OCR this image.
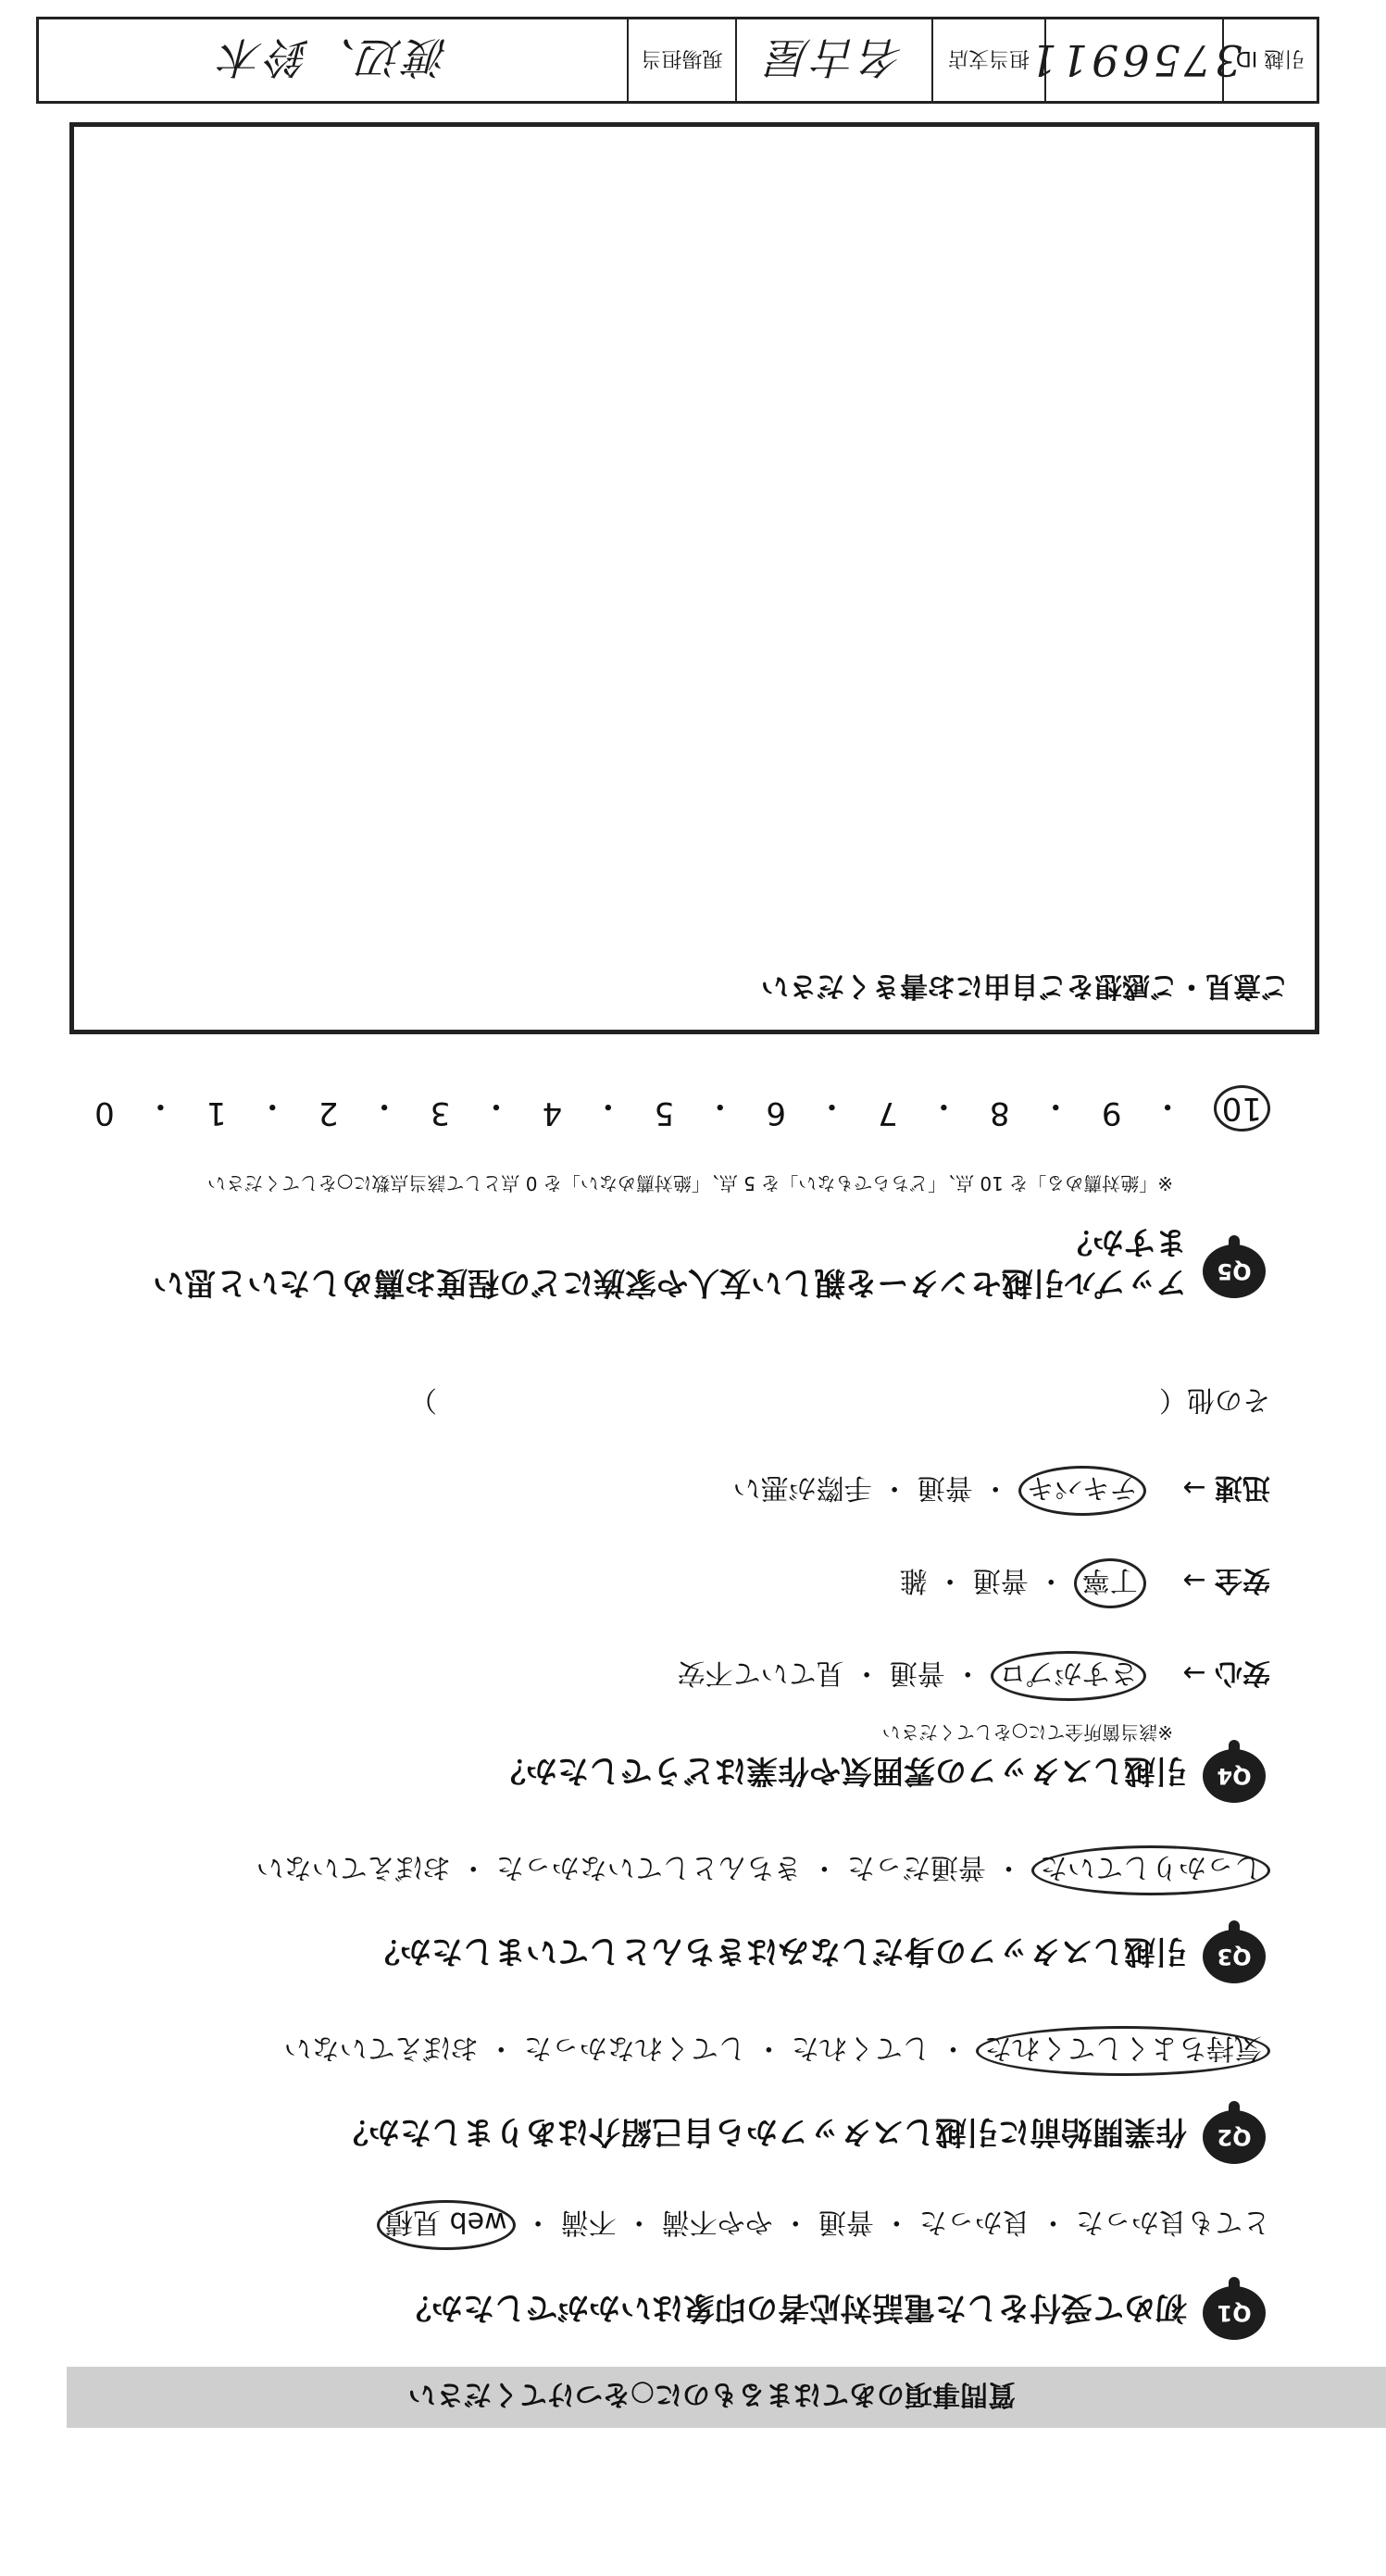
質問事項のあてはまるものに○をつけてください
Q1
初めて受付をした電話対応者の印象はいかがでしたか？
とても良かった ・ 良かった ・ 普通 ・ やや不満 ・ 不満 ・ web 見積
Q2
作業開始前に引越しスタッフから自己紹介はありましたか？
気持ちよくしてくれた ・ してくれた ・ してくれなかった ・ おぼえていない
Q3
引越しスタッフの身だしなみはきちんとしていましたか？
しっかりしていた ・ 普通だった ・ きちんとしていなかった ・ おぼえていない
Q4
引越しスタッフの雰囲気や作業はどうでしたか？
※該当箇所全てに○をしてください
安心 →　 さすがプロ ・ 普通 ・ 見ていて不安
安全 →　 丁寧 ・ 普通 ・ 雑
迅速 →　 テキパキ ・ 普通 ・ 手際が悪い
その他（　　　　　　　　　　　　　　　　　　　　　　　　　　）
Q5
アップル引越センターを親しい友人や家族にどの程度お薦めしたいと思いますか？
※「絶対薦める」を 10 点、「どちらでもない」を 5 点、「絶対薦めない」を 0 点として該当点数に○をしてください
10
・
9
・
8
・
7
・
6
・
5
・
4
・
3
・
2
・
1
・
0
ご意見・ご感想をご自由にお書きください
引越 ID
3756911
担当支店
名古屋
現場担当
渡辺、鈴木
